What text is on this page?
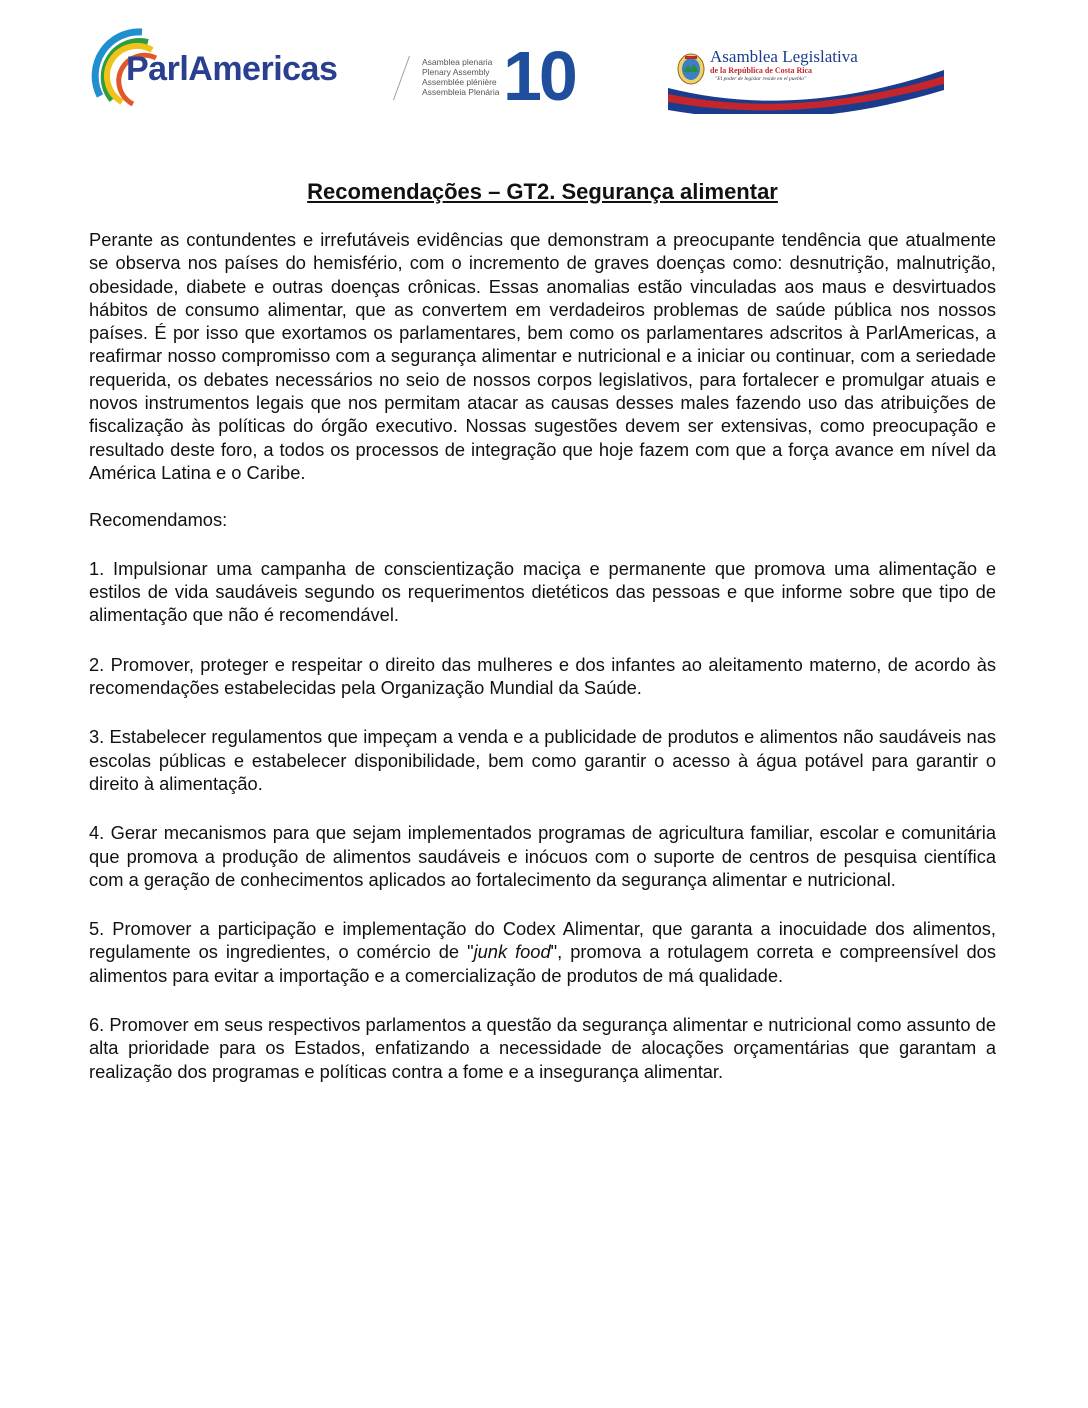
ParlAmericas	Asamblea plenaria
Plenary Assembly
Assemblée plénière
Assembleia Plenária 10	Asamblea Legislativa
de la República de Costa Rica
"El poder de legislar reside en el pueblo"
Recomendações – GT2. Segurança alimentar

Perante as contundentes e irrefutáveis evidências que demonstram a preocupante tendência que atualmente se observa nos países do hemisfério, com o incremento de graves doenças como: desnutrição, malnutrição, obesidade, diabete e outras doenças crônicas. Essas anomalias estão vinculadas aos maus e desvirtuados hábitos de consumo alimentar, que as convertem em verdadeiros problemas de saúde pública nos nossos países. É por isso que exortamos os parlamentares, bem como os parlamentares adscritos à ParlAmericas, a reafirmar nosso compromisso com a segurança alimentar e nutricional e a iniciar ou continuar, com a seriedade requerida, os debates necessários no seio de nossos corpos legislativos, para fortalecer e promulgar atuais e novos instrumentos legais que nos permitam atacar as causas desses males fazendo uso das atribuições de fiscalização às políticas do órgão executivo. Nossas sugestões devem ser extensivas, como preocupação e resultado deste foro, a todos os processos de integração que hoje fazem com que a força avance em nível da América Latina e o Caribe.

Recomendamos:

1. Impulsionar uma campanha de conscientização maciça e permanente que promova uma alimentação e estilos de vida saudáveis segundo os requerimentos dietéticos das pessoas e que informe sobre que tipo de alimentação que não é recomendável.

2. Promover, proteger e respeitar o direito das mulheres e dos infantes ao aleitamento materno, de acordo às recomendações estabelecidas pela Organização Mundial da Saúde.

3. Estabelecer regulamentos que impeçam a venda e a publicidade de produtos e alimentos não saudáveis nas escolas públicas e estabelecer disponibilidade, bem como garantir o acesso à água potável para garantir o direito à alimentação.

4. Gerar mecanismos para que sejam implementados programas de agricultura familiar, escolar e comunitária que promova a produção de alimentos saudáveis e inócuos com o suporte de centros de pesquisa científica com a geração de conhecimentos aplicados ao fortalecimento da segurança alimentar e nutricional.

5. Promover a participação e implementação do Codex Alimentar, que garanta a inocuidade dos alimentos, regulamente os ingredientes, o comércio de "junk food", promova a rotulagem correta e compreensível dos alimentos para evitar a importação e a comercialização de produtos de má qualidade.

6. Promover em seus respectivos parlamentos a questão da segurança alimentar e nutricional como assunto de alta prioridade para os Estados, enfatizando a necessidade de alocações orçamentárias que garantam a realização dos programas e políticas contra a fome e a insegurança alimentar.
